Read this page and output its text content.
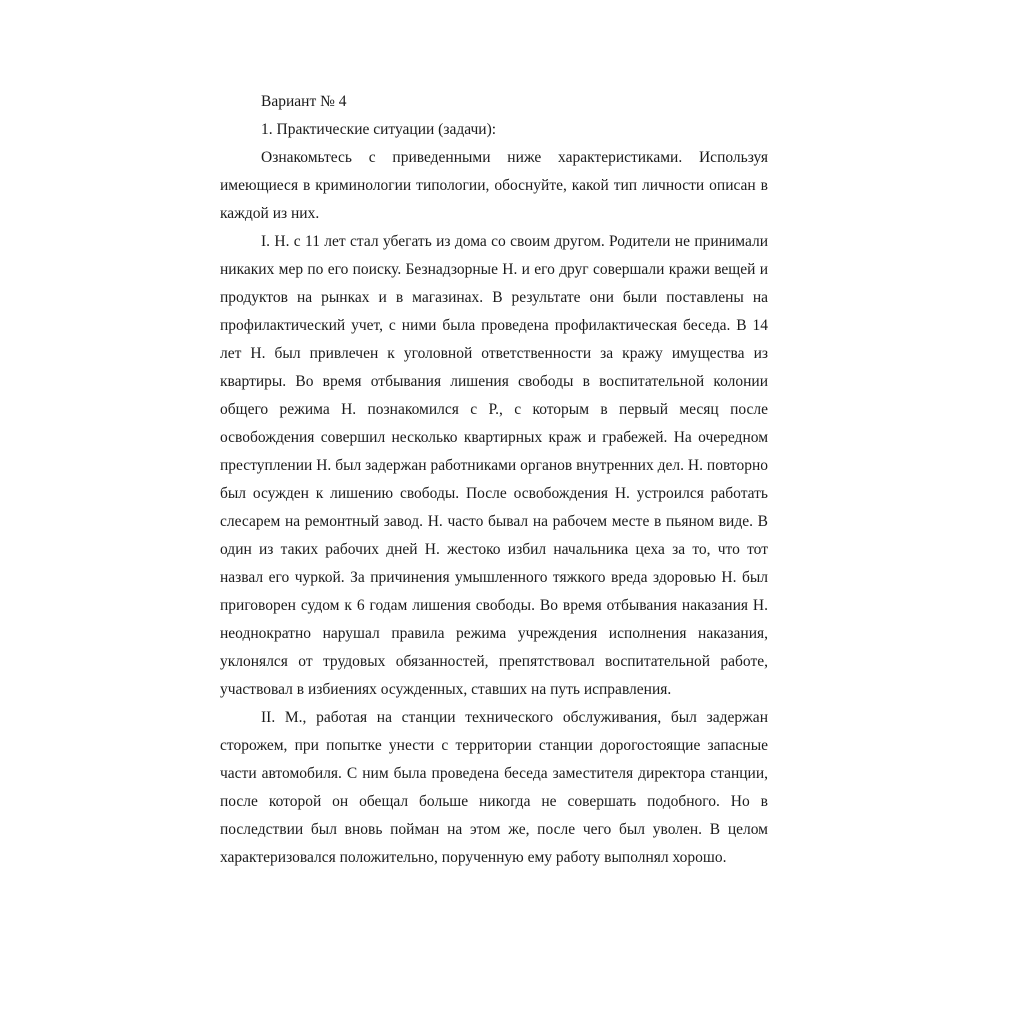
Вариант № 4

1. Практические ситуации (задачи):

Ознакомьтесь с приведенными ниже характеристиками. Используя имеющиеся в криминологии типологии, обоснуйте, какой тип личности описан в каждой из них.

I. Н. с 11 лет стал убегать из дома со своим другом. Родители не принимали никаких мер по его поиску. Безнадзорные Н. и его друг совершали кражи вещей и продуктов на рынках и в магазинах. В результате они были поставлены на профилактический учет, с ними была проведена профилактическая беседа. В 14 лет Н. был привлечен к уголовной ответственности за кражу имущества из квартиры. Во время отбывания лишения свободы в воспитательной колонии общего режима Н. познакомился с Р., с которым в первый месяц после освобождения совершил несколько квартирных краж и грабежей. На очередном преступлении Н. был задержан работниками органов внутренних дел. Н. повторно был осужден к лишению свободы. После освобождения Н. устроился работать слесарем на ремонтный завод. Н. часто бывал на рабочем месте в пьяном виде. В один из таких рабочих дней Н. жестоко избил начальника цеха за то, что тот назвал его чуркой. За причинения умышленного тяжкого вреда здоровью Н. был приговорен судом к 6 годам лишения свободы. Во время отбывания наказания Н. неоднократно нарушал правила режима учреждения исполнения наказания, уклонялся от трудовых обязанностей, препятствовал воспитательной работе, участвовал в избиениях осужденных, ставших на путь исправления.

II. М., работая на станции технического обслуживания, был задержан сторожем, при попытке унести с территории станции дорогостоящие запасные части автомобиля. С ним была проведена беседа заместителя директора станции, после которой он обещал больше никогда не совершать подобного. Но в последствии был вновь пойман на этом же, после чего был уволен. В целом характеризовался положительно, порученную ему работу выполнял хорошо.
